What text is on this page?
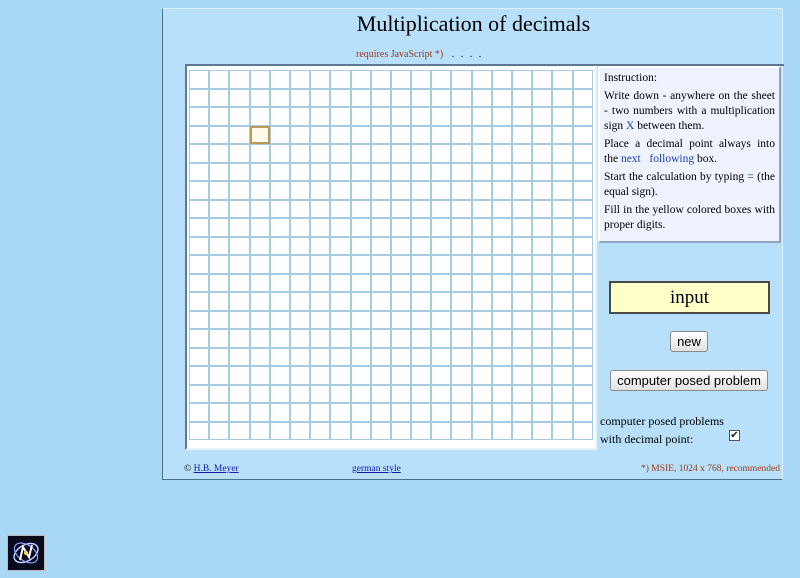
Multiplication of decimals
requires JavaScript *) . . . .

Instruction:

Write down - anywhere on the sheet - two numbers with a multiplication sign X between them.

Place a decimal point always into the next   following box.

Start the calculation by typing = (the equal sign).

Fill in the yellow colored boxes with proper digits.

input
new
computer posed problem
computer posed problems
with decimal point:	✔
© H.B. Meyer	german style	*) MSIE, 1024 x 768, recommended
